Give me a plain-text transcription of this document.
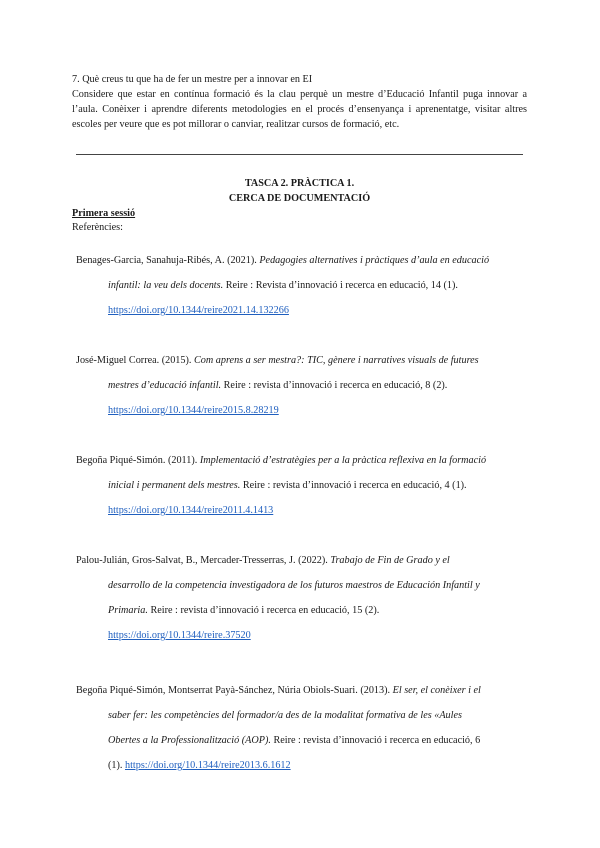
7. Què creus tu que ha de fer un mestre per a innovar en EI

Considere que estar en contínua formació és la clau perquè un mestre d’Educació Infantil puga innovar a l’aula. Conèixer i aprendre diferents metodologies en el procés d’ensenyança i aprenentatge, visitar altres escoles per veure que es pot millorar o canviar, realitzar cursos de formació, etc.

TASCA 2. PRÀCTICA 1.
CERCA DE DOCUMENTACIÓ
Primera sessió
Referències:
Benages-Garcia, Sanahuja-Ribés, A. (2021). Pedagogies alternatives i pràctiques d’aula en educació
infantil: la veu dels docents. Reire : Revista d’innovació i recerca en educació, 14 (1).
https://doi.org/10.1344/reire2021.14.132266
José-Miguel Correa. (2015). Com aprens a ser mestra?: TIC, gènere i narratives visuals de futures
mestres d’educació infantil. Reire : revista d’innovació i recerca en educació, 8 (2).
https://doi.org/10.1344/reire2015.8.28219
Begoña Piqué-Simón. (2011). Implementació d’estratègies per a la pràctica reflexiva en la formació
inicial i permanent dels mestres. Reire : revista d’innovació i recerca en educació, 4 (1).
https://doi.org/10.1344/reire2011.4.1413
Palou-Julián, Gros-Salvat, B., Mercader-Tresserras, J. (2022). Trabajo de Fin de Grado y el
desarrollo de la competencia investigadora de los futuros maestros de Educación Infantil y
Primaria. Reire : revista d’innovació i recerca en educació, 15 (2).
https://doi.org/10.1344/reire.37520
Begoña Piqué-Simón, Montserrat Payà-Sánchez, Núria Obiols-Suari. (2013). El ser, el conèixer i el
saber fer: les competències del formador/a des de la modalitat formativa de les «Aules
Obertes a la Professionalització (AOP). Reire : revista d’innovació i recerca en educació, 6
(1). https://doi.org/10.1344/reire2013.6.1612
